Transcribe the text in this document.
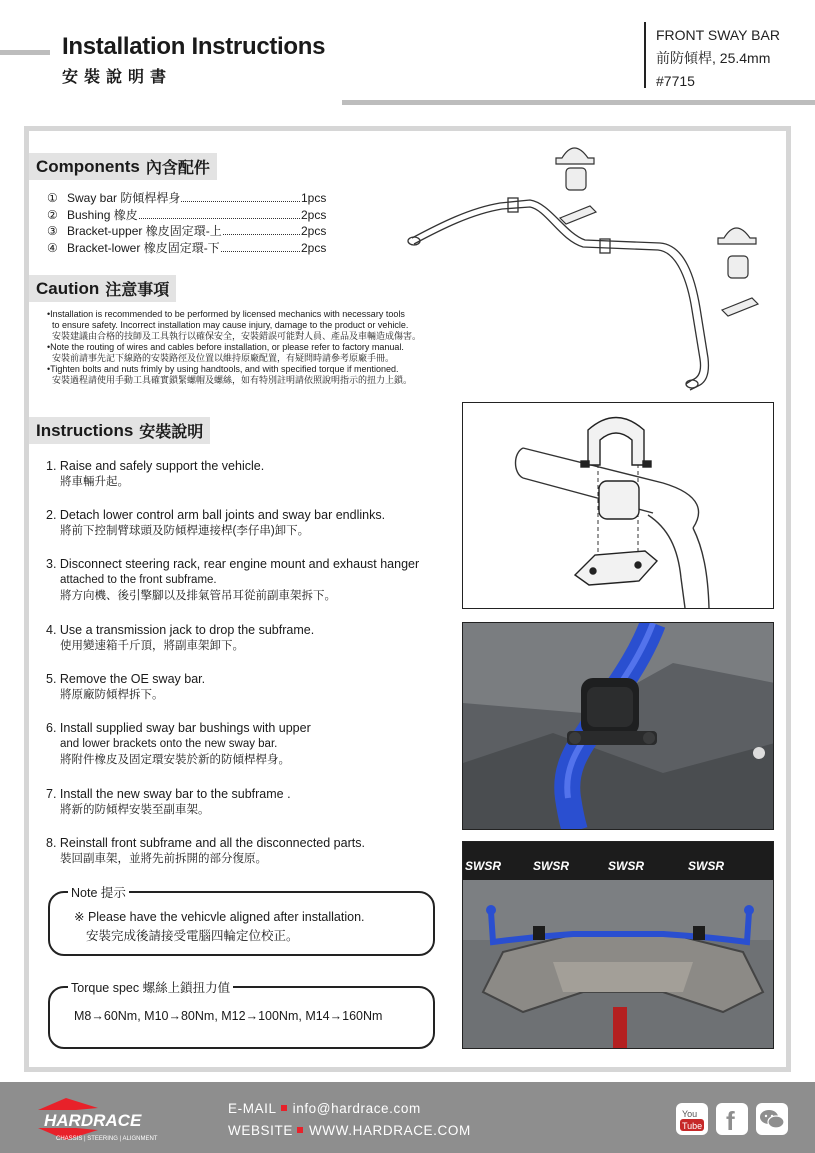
Installation Instructions
安裝說明書
FRONT SWAY BAR
前防傾桿, 25.4mm
#7715
Components 內含配件
① Sway bar 防傾桿桿身	1pcs
② Bushing 橡皮	2pcs
③ Bracket-upper 橡皮固定環-上	2pcs
④ Bracket-lower 橡皮固定環-下	2pcs
Caution 注意事項

•Installation is recommended to be performed by licensed mechanics with necessary tools

to ensure safety. Incorrect installation may cause injury, damage to the product or vehicle.

安裝建議由合格的技師及工具執行以確保安全，安裝錯誤可能對人員、產品及車輛造成傷害。

•Note the routing of wires and cables before installation, or please refer to factory manual.

安裝前請事先記下線路的安裝路徑及位置以維持原廠配置，有疑問時請參考原廠手冊。

•Tighten bolts and nuts frimly by using handtools, and with specified torque if mentioned.

安裝過程請使用手動工具確實鎖緊螺帽及螺絲，如有特別註明請依照說明指示的扭力上鎖。

Instructions 安裝說明
1. Raise and safely support the vehicle.
將車輛升起。
2. Detach lower control arm ball joints and sway bar endlinks.
將前下控制臂球頭及防傾桿連接桿(李仔串)卸下。
3. Disconnect steering rack, rear engine mount and exhaust hanger
attached to the front subframe.
將方向機、後引擎腳以及排氣管吊耳從前副車架拆下。
4. Use a transmission jack to drop the subframe.
使用變速箱千斤頂，將副車架卸下。
5. Remove the OE sway bar.
將原廠防傾桿拆下。
6. Install supplied sway bar bushings with upper
and lower brackets onto the new sway bar.
將附件橡皮及固定環安裝於新的防傾桿桿身。
7. Install the new sway bar to the subframe .
將新的防傾桿安裝至副車架。
8. Reinstall front subframe and all the disconnected parts.
裝回副車架，並將先前拆開的部分復原。
Note 提示
※ Please have the vehicvle aligned after installation.
安裝完成後請接受電腦四輪定位校正。
Torque spec 螺絲上鎖扭力值
M8→60Nm, M10→80Nm, M12→100Nm, M14→160Nm
SWSR	SWSR	SWSR	SWSR
HARDRACE
CHASSIS | STEERING | ALIGNMENT
E-MAIL info@hardrace.com
WEBSITE WWW.HARDRACE.COM
You
Tube f
